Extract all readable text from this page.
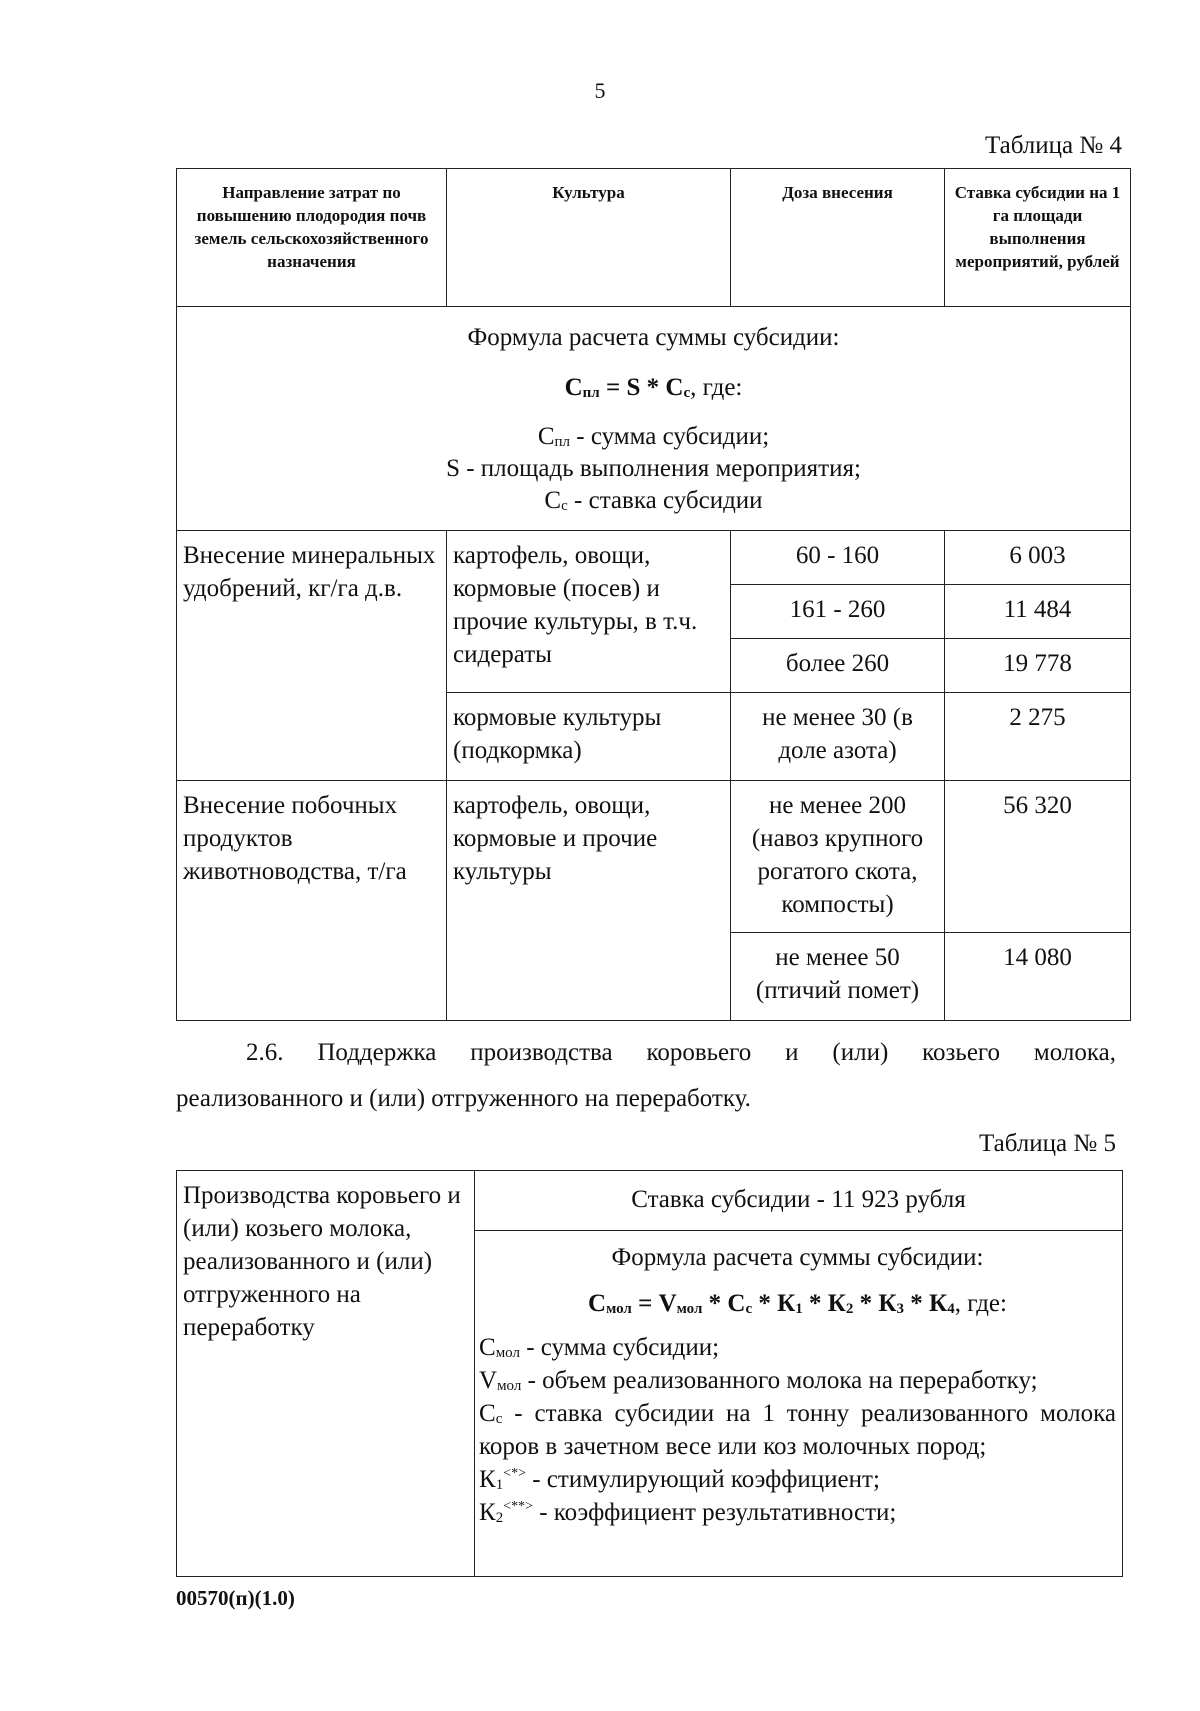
5
Таблица № 4
Направление затрат по повышению плодородия почв земель сельскохозяйственного назначения	Культура	Доза внесения	Ставка субсидии на 1 га площади выполнения мероприятий, рублей

Формула расчета суммы субсидии:
$С_{пл} = S * С_с$, где:
$С_{пл}$ - сумма субсидии;
S - площадь выполнения мероприятия;
$С_с$ - ставка субсидии			

Внесение минеральных удобрений, кг/га д.в.	картофель, овощи, кормовые (посев) и прочие культуры, в т.ч. сидераты	60 - 160	6 003
		161 - 260	11 484
		более 260	19 778
	кормовые культуры (подкормка)	не менее 30 (в доле азота)	2 275
Внесение побочных продуктов животноводства, т/га	картофель, овощи, кормовые и прочие культуры	не менее 200 (навоз крупного рогатого скота, компосты)	56 320
		не менее 50 (птичий помет)	14 080
2.6. Поддержка производства коровьего и (или) козьего молока,
реализованного и (или) отгруженного на переработку.
Таблица № 5
Производства коровьего и (или) козьего молока, реализованного и (или) отгруженного на переработку	Ставка субсидии - 11 923 рубля

Формула расчета суммы субсидии:
$С_{мол} = V_{мол} * С_с * К_1 * К_2 * К_3 * К_4$, где:
$С_{мол}$ - сумма субсидии;
$V_{мол}$ - объем реализованного молока на переработку;
$С_с$ - ставка субсидии на 1 тонну реализованного молока коров в зачетном весе или коз молочных пород;
$К_1^{<*>}$ - стимулирующий коэффициент;
$К_2^{<**>}$ - коэффициент результативности;
00570(п)(1.0)
